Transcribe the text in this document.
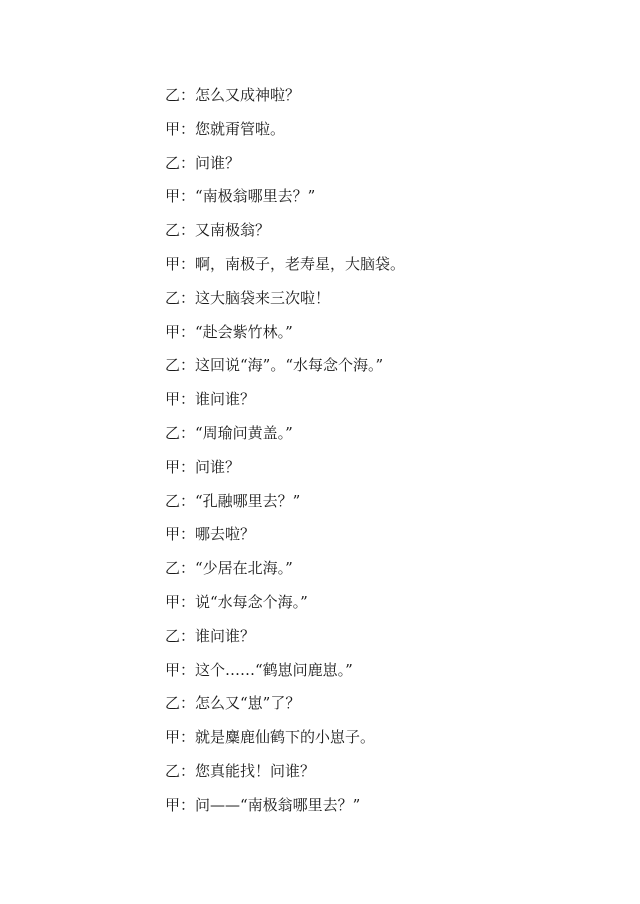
乙：怎么又成神啦？
甲：您就甭管啦。
乙：问谁？
甲：“南极翁哪里去？”
乙：又南极翁？
甲：啊，南极子，老寿星，大脑袋。
乙：这大脑袋来三次啦！
甲：“赴会紫竹林。”
乙：这回说“海”。“水每念个海。”
甲：谁问谁？
乙：“周瑜问黄盖。”
甲：问谁？
乙：“孔融哪里去？”
甲：哪去啦？
乙：“少居在北海。”
甲：说“水每念个海。”
乙：谁问谁？
甲：这个……“鹤崽问鹿崽。”
乙：怎么又“崽”了？
甲：就是麋鹿仙鹤下的小崽子。
乙：您真能找！问谁？
甲：问——“南极翁哪里去？”
